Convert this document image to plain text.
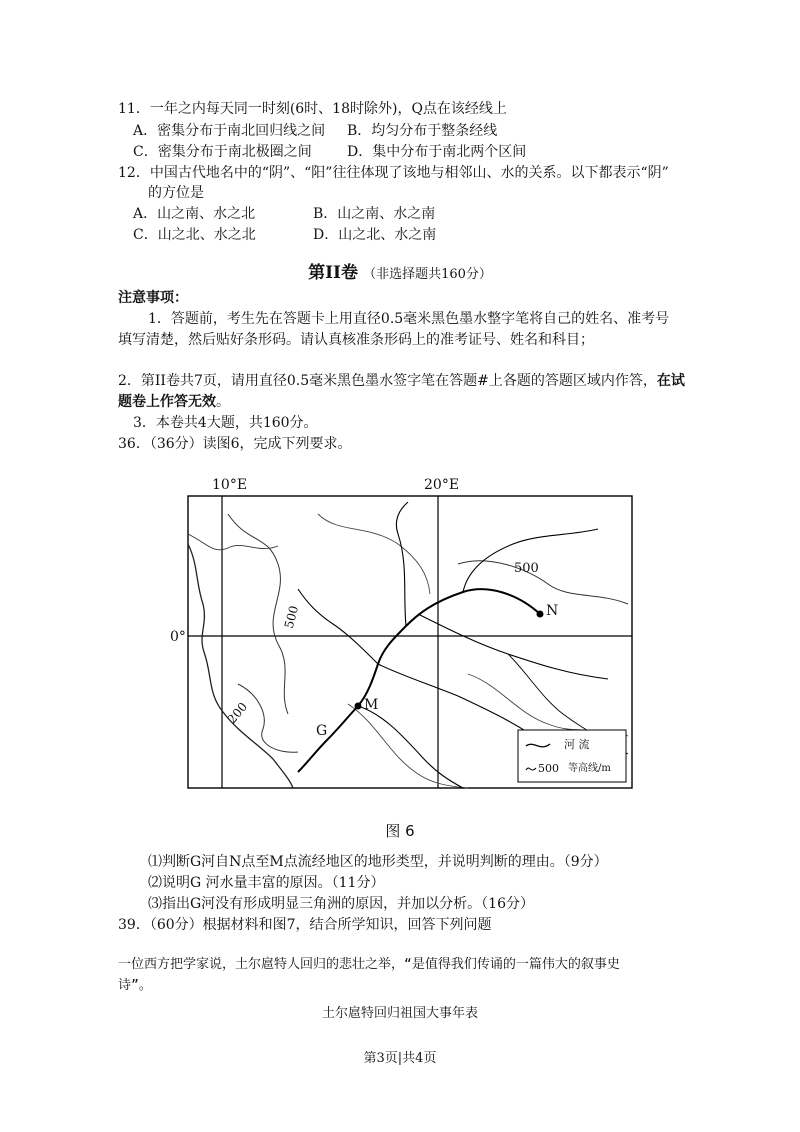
11．一年之内每天同一时刻(6时、18时除外)，Q点在该经线上
A．密集分布于南北回归线之间 B．均匀分布于整条经线
C．密集分布于南北极圈之间	D．集中分布于南北两个区间
12．中国古代地名中的“阴”、“阳”往往体现了该地与相邻山、水的关系。以下都表示“阴”
的方位是
A．山之南、水之北	B．山之南、水之南
C．山之北、水之北	D．山之北、水之南
第II卷 （非选择题共160分）
注意事项：
1．答题前，考生先在答题卡上用直径0.5毫米黑色墨水整字笔将自己的姓名、准考号
填写清楚，然后贴好条形码。请认真核准条形码上的准考证号、姓名和科目；
2．第II卷共7页，请用直径0.5毫米黑色墨水签字笔在答题#上各题的答题区域内作答，在试
题卷上作答无效。
3．本卷共4大题，共160分。
36．（36分）读图6，完成下列要求。
10°E	20°E
0°
500
500
200
N
M
G
河 流
500 等高线/m
图 6
⑴判断G河自N点至M点流经地区的地形类型，并说明判断的理由。（9分）
⑵说明G 河水量丰富的原因。（11分）
⑶指出G河没有形成明显三角洲的原因，并加以分析。（16分）
39．（60分）根据材料和图7，结合所学知识，回答下列问题
一位西方把学家说，土尔扈特人回归的悲壮之举，“是值得我们传诵的一篇伟大的叙事史
诗”。
土尔扈特回归祖国大事年表
第3页|共4页
